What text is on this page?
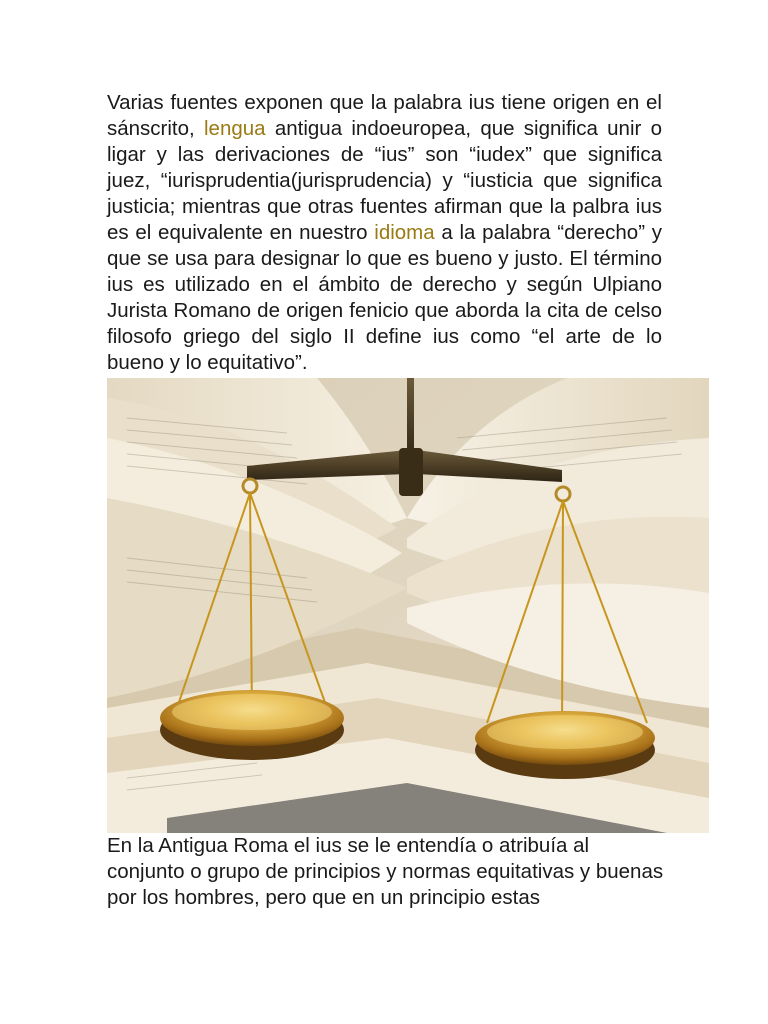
Varias fuentes exponen que la palabra ius tiene origen en el sánscrito, lengua antigua indoeuropea, que significa unir o ligar y las derivaciones de “ius” son “iudex” que significa juez, “iurisprudentia(jurisprudencia) y “iusticia que significa justicia; mientras que otras fuentes afirman que la palbra ius es el equivalente en nuestro idioma a la palabra “derecho” y que se usa para designar lo que es bueno y justo. El término ius es utilizado en el ámbito de derecho y según Ulpiano Jurista Romano de origen fenicio que aborda la cita de celso filosofo griego del siglo II define ius como “el arte de lo bueno y lo equitativo”.

En la Antigua Roma el ius se le entendía o atribuía al conjunto o grupo de principios y normas equitativas y buenas por los hombres, pero que en un principio estas
